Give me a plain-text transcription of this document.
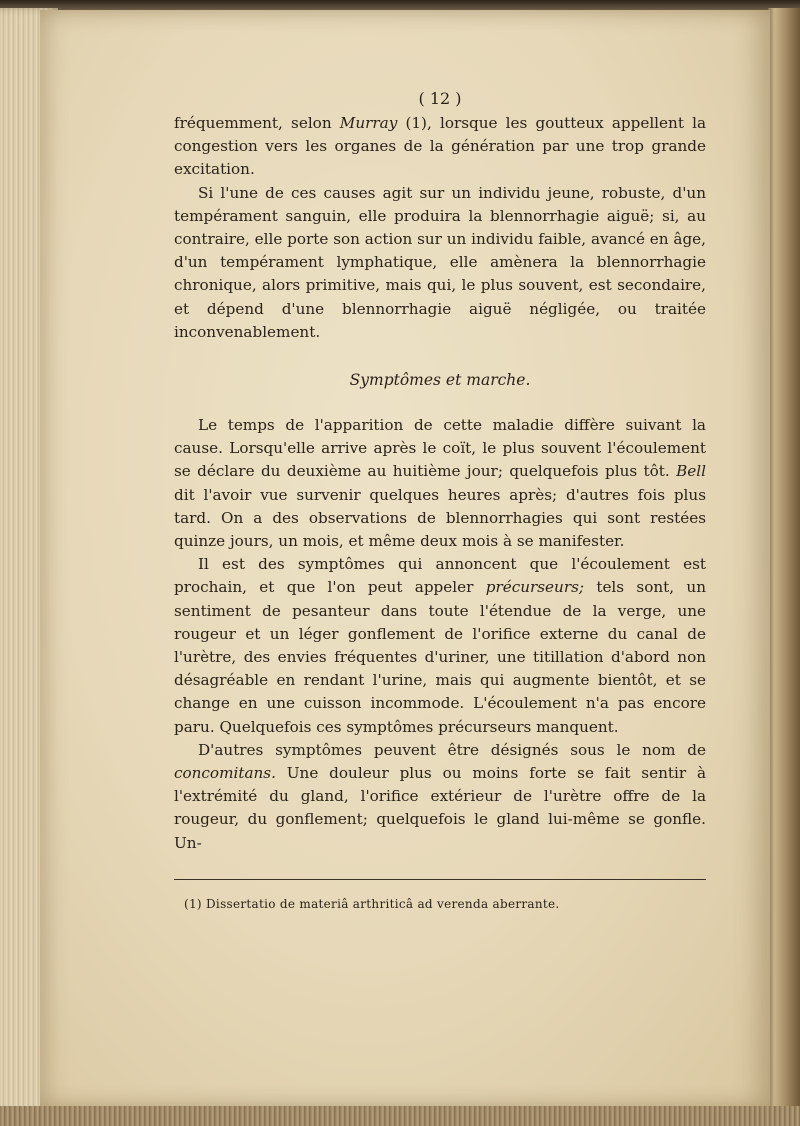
( 12 )

fréquemment, selon Murray (1), lorsque les goutteux appellent la congestion vers les organes de la génération par une trop grande excitation.

Si l'une de ces causes agit sur un individu jeune, robuste, d'un tempérament sanguin, elle produira la blennorrhagie aiguë; si, au contraire, elle porte son action sur un individu faible, avancé en âge, d'un tempérament lymphatique, elle amènera la blennorrhagie chronique, alors primitive, mais qui, le plus souvent, est secondaire, et dépend d'une blennorrhagie aiguë négligée, ou traitée inconvenablement.

Symptômes et marche.

Le temps de l'apparition de cette maladie diffère suivant la cause. Lorsqu'elle arrive après le coït, le plus souvent l'écoulement se déclare du deuxième au huitième jour; quelquefois plus tôt. Bell dit l'avoir vue survenir quelques heures après; d'autres fois plus tard. On a des observations de blennorrhagies qui sont restées quinze jours, un mois, et même deux mois à se manifester.

Il est des symptômes qui annoncent que l'écoulement est prochain, et que l'on peut appeler précurseurs; tels sont, un sentiment de pesanteur dans toute l'étendue de la verge, une rougeur et un léger gonflement de l'orifice externe du canal de l'urètre, des envies fréquentes d'uriner, une titillation d'abord non désagréable en rendant l'urine, mais qui augmente bientôt, et se change en une cuisson incommode. L'écoulement n'a pas encore paru. Quelquefois ces symptômes précurseurs manquent.

D'autres symptômes peuvent être désignés sous le nom de concomitans. Une douleur plus ou moins forte se fait sentir à l'extrémité du gland, l'orifice extérieur de l'urètre offre de la rougeur, du gonflement; quelquefois le gland lui-même se gonfle. Un-

(1) Dissertatio de materiâ arthriticâ ad verenda aberrante.
